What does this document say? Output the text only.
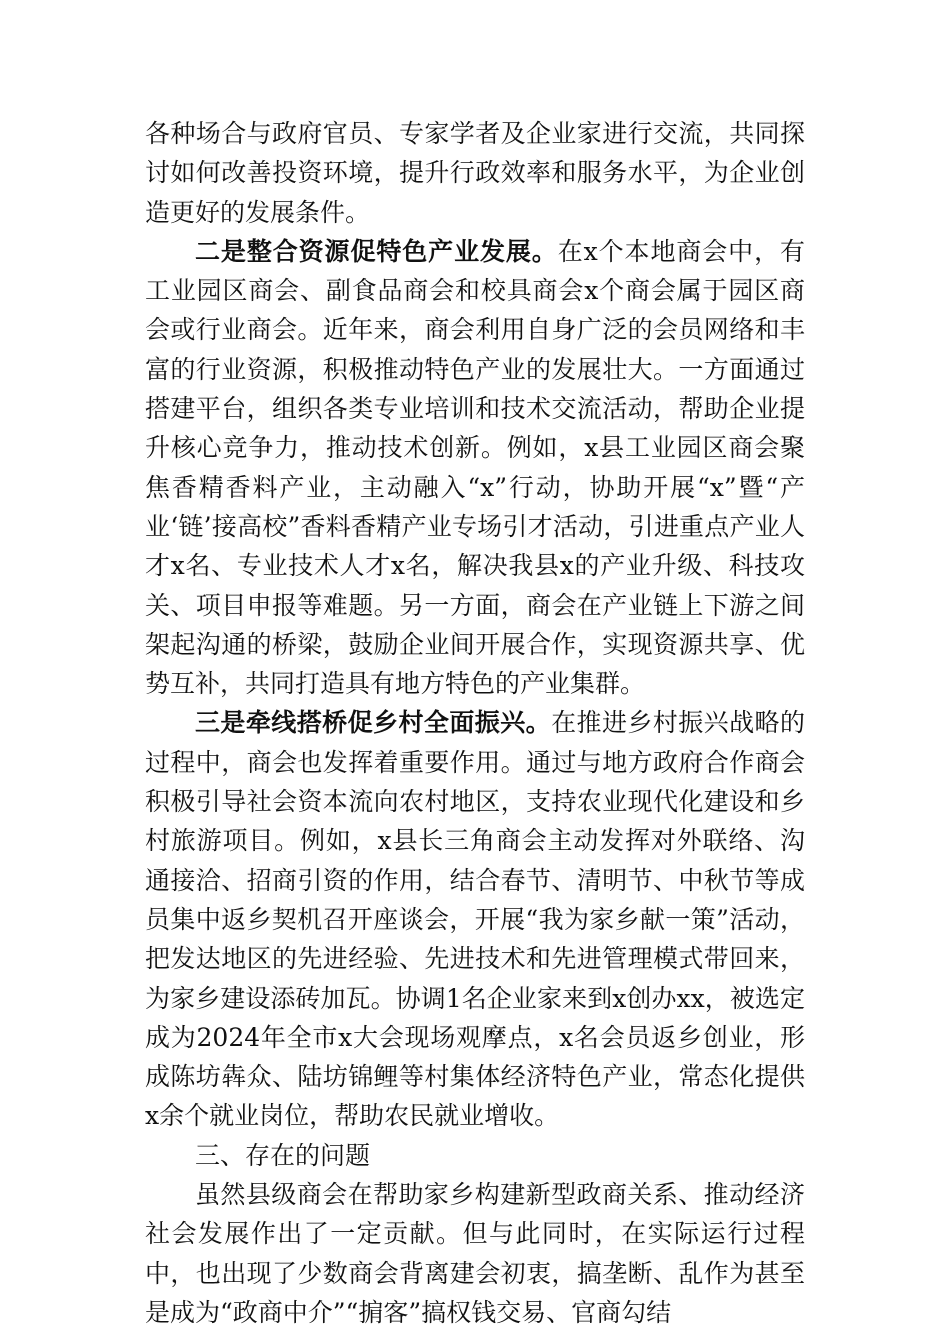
各种场合与政府官员、专家学者及企业家进行交流，共同探讨如何改善投资环境，提升行政效率和服务水平，为企业创造更好的发展条件。

二是整合资源促特色产业发展。在x个本地商会中，有工业园区商会、副食品商会和校具商会x个商会属于园区商会或行业商会。近年来，商会利用自身广泛的会员网络和丰富的行业资源，积极推动特色产业的发展壮大。一方面通过搭建平台，组织各类专业培训和技术交流活动，帮助企业提升核心竞争力，推动技术创新。例如，x县工业园区商会聚焦香精香料产业，主动融入“x”行动，协助开展“x”暨“产业‘链’接高校”香料香精产业专场引才活动，引进重点产业人才x名、专业技术人才x名，解决我县x的产业升级、科技攻关、项目申报等难题。另一方面，商会在产业链上下游之间架起沟通的桥梁，鼓励企业间开展合作，实现资源共享、优势互补，共同打造具有地方特色的产业集群。

三是牵线搭桥促乡村全面振兴。在推进乡村振兴战略的过程中，商会也发挥着重要作用。通过与地方政府合作商会积极引导社会资本流向农村地区，支持农业现代化建设和乡村旅游项目。例如，x县长三角商会主动发挥对外联络、沟通接洽、招商引资的作用，结合春节、清明节、中秋节等成员集中返乡契机召开座谈会，开展“我为家乡献一策”活动，把发达地区的先进经验、先进技术和先进管理模式带回来，为家乡建设添砖加瓦。协调1名企业家来到x创办xx，被选定成为2024年全市x大会现场观摩点，x名会员返乡创业，形成陈坊犇众、陆坊锦鲤等村集体经济特色产业，常态化提供x余个就业岗位，帮助农民就业增收。

三、存在的问题

虽然县级商会在帮助家乡构建新型政商关系、推动经济社会发展作出了一定贡献。但与此同时，在实际运行过程中，也出现了少数商会背离建会初衷，搞垄断、乱作为甚至是成为“政商中介”“掮客”搞权钱交易、官商勾结
